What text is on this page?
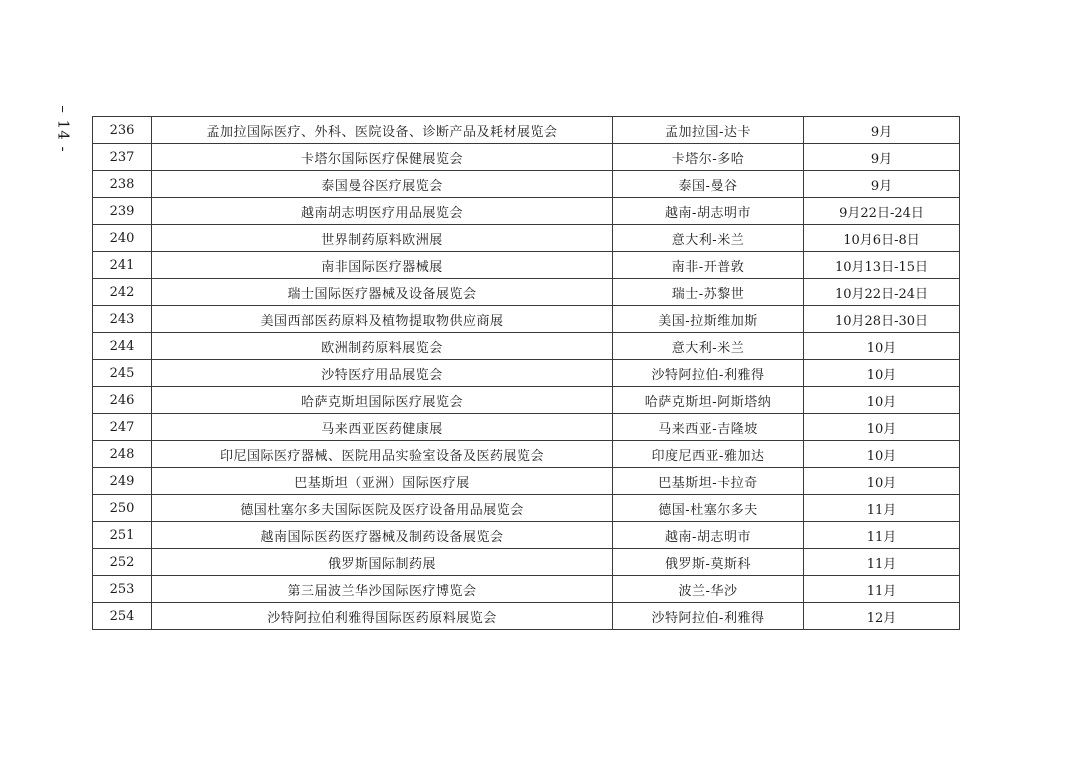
– 14 -	236	孟加拉国际医疗、外科、医院设备、诊断产品及耗材展览会	孟加拉国-达卡	9月
237	卡塔尔国际医疗保健展览会	卡塔尔-多哈	9月
238	泰国曼谷医疗展览会	泰国-曼谷	9月
239	越南胡志明医疗用品展览会	越南-胡志明市	9月22日-24日
240	世界制药原料欧洲展	意大利-米兰	10月6日-8日
241	南非国际医疗器械展	南非-开普敦	10月13日-15日
242	瑞士国际医疗器械及设备展览会	瑞士-苏黎世	10月22日-24日
243	美国西部医药原料及植物提取物供应商展	美国-拉斯维加斯	10月28日-30日
244	欧洲制药原料展览会	意大利-米兰	10月
245	沙特医疗用品展览会	沙特阿拉伯-利雅得	10月
246	哈萨克斯坦国际医疗展览会	哈萨克斯坦-阿斯塔纳	10月
247	马来西亚医药健康展	马来西亚-吉隆坡	10月
248	印尼国际医疗器械、医院用品实验室设备及医药展览会	印度尼西亚-雅加达	10月
249	巴基斯坦（亚洲）国际医疗展	巴基斯坦-卡拉奇	10月
250	德国杜塞尔多夫国际医院及医疗设备用品展览会	德国-杜塞尔多夫	11月
251	越南国际医药医疗器械及制药设备展览会	越南-胡志明市	11月
252	俄罗斯国际制药展	俄罗斯-莫斯科	11月
253	第三届波兰华沙国际医疗博览会	波兰-华沙	11月
254	沙特阿拉伯利雅得国际医药原料展览会	沙特阿拉伯-利雅得	12月
